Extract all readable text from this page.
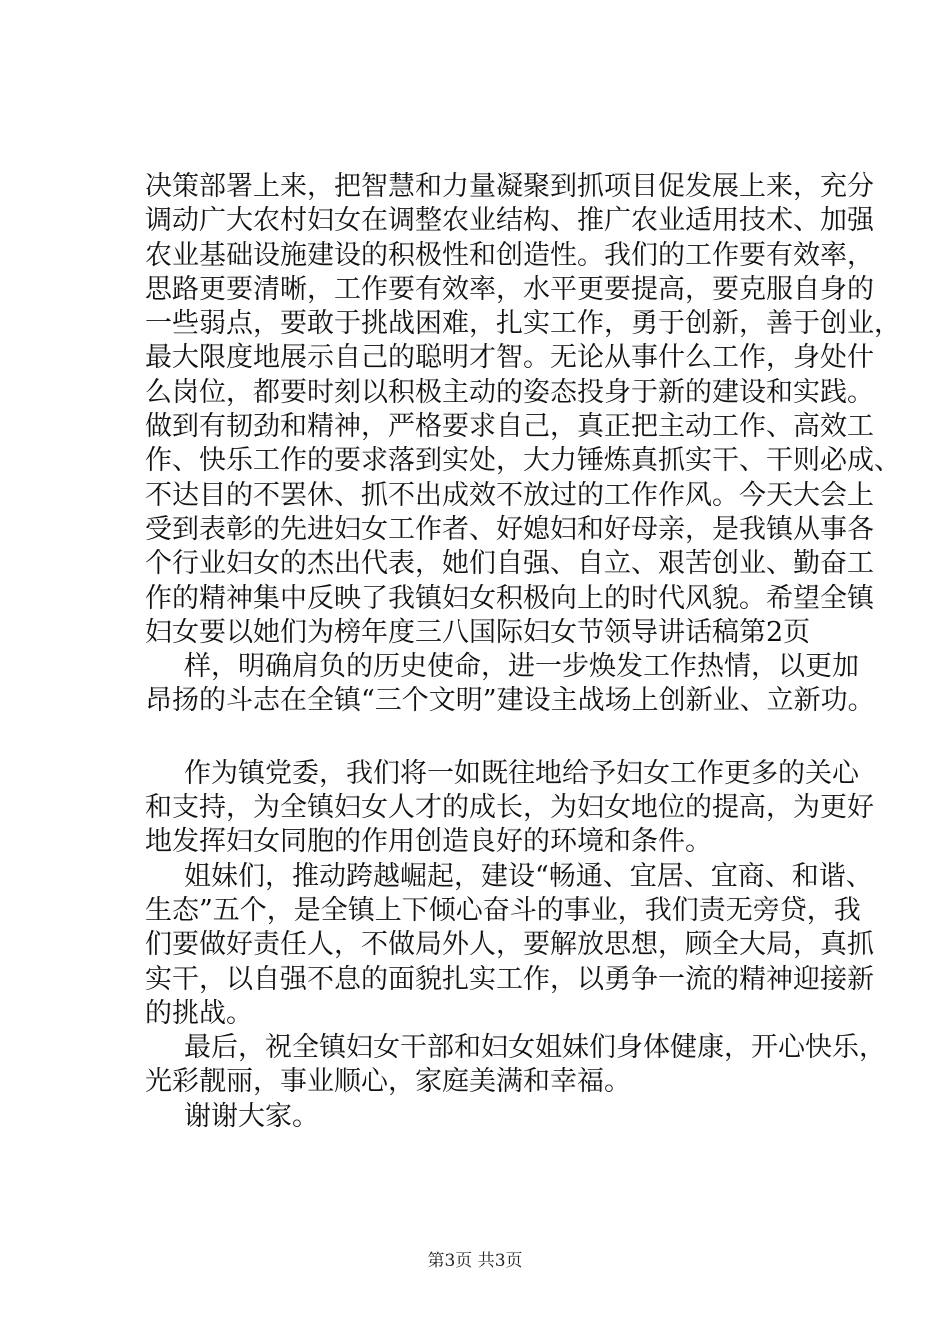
决策部署上来，把智慧和力量凝聚到抓项目促发展上来，充分
调动广大农村妇女在调整农业结构、推广农业适用技术、加强
农业基础设施建设的积极性和创造性。我们的工作要有效率，
思路更要清晰，工作要有效率，水平更要提高，要克服自身的
一些弱点，要敢于挑战困难，扎实工作，勇于创新，善于创业，
最大限度地展示自己的聪明才智。无论从事什么工作，身处什
么岗位，都要时刻以积极主动的姿态投身于新的建设和实践。
做到有韧劲和精神，严格要求自己，真正把主动工作、高效工
作、快乐工作的要求落到实处，大力锤炼真抓实干、干则必成、
不达目的不罢休、抓不出成效不放过的工作作风。今天大会上
受到表彰的先进妇女工作者、好媳妇和好母亲，是我镇从事各
个行业妇女的杰出代表，她们自强、自立、艰苦创业、勤奋工
作的精神集中反映了我镇妇女积极向上的时代风貌。希望全镇
妇女要以她们为榜年度三八国际妇女节领导讲话稿第2页
样，明确肩负的历史使命，进一步焕发工作热情，以更加
昂扬的斗志在全镇“三个文明”建设主战场上创新业、立新功。
作为镇党委，我们将一如既往地给予妇女工作更多的关心
和支持，为全镇妇女人才的成长，为妇女地位的提高，为更好
地发挥妇女同胞的作用创造良好的环境和条件。
姐妹们，推动跨越崛起，建设“畅通、宜居、宜商、和谐、
生态”五个，是全镇上下倾心奋斗的事业，我们责无旁贷，我
们要做好责任人，不做局外人，要解放思想，顾全大局，真抓
实干，以自强不息的面貌扎实工作，以勇争一流的精神迎接新
的挑战。
最后，祝全镇妇女干部和妇女姐妹们身体健康，开心快乐，
光彩靓丽，事业顺心，家庭美满和幸福。
谢谢大家。
第3页 共3页
